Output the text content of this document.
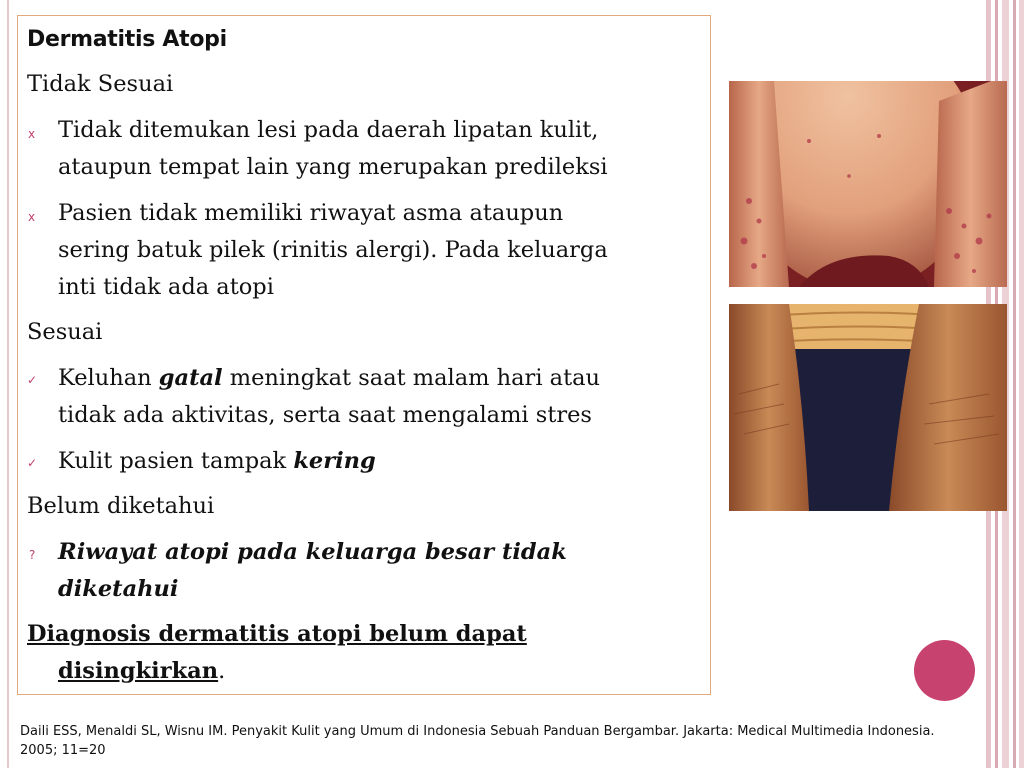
Dermatitis Atopi
Tidak Sesuai
x Tidak ditemukan lesi pada daerah lipatan kulit,
ataupun tempat lain yang merupakan predileksi
x Pasien tidak memiliki riwayat asma ataupun
sering batuk pilek (rinitis alergi). Pada keluarga
inti tidak ada atopi
Sesuai
✓ Keluhan gatal meningkat saat malam hari atau
tidak ada aktivitas, serta saat mengalami stres
✓ Kulit pasien tampak kering
Belum diketahui
? Riwayat atopi pada keluarga besar tidak
diketahui
Diagnosis dermatitis atopi belum dapat
disingkirkan.
Daili ESS, Menaldi SL, Wisnu IM. Penyakit Kulit yang Umum di Indonesia Sebuah Panduan Bergambar. Jakarta: Medical Multimedia Indonesia.
2005; 11=20
